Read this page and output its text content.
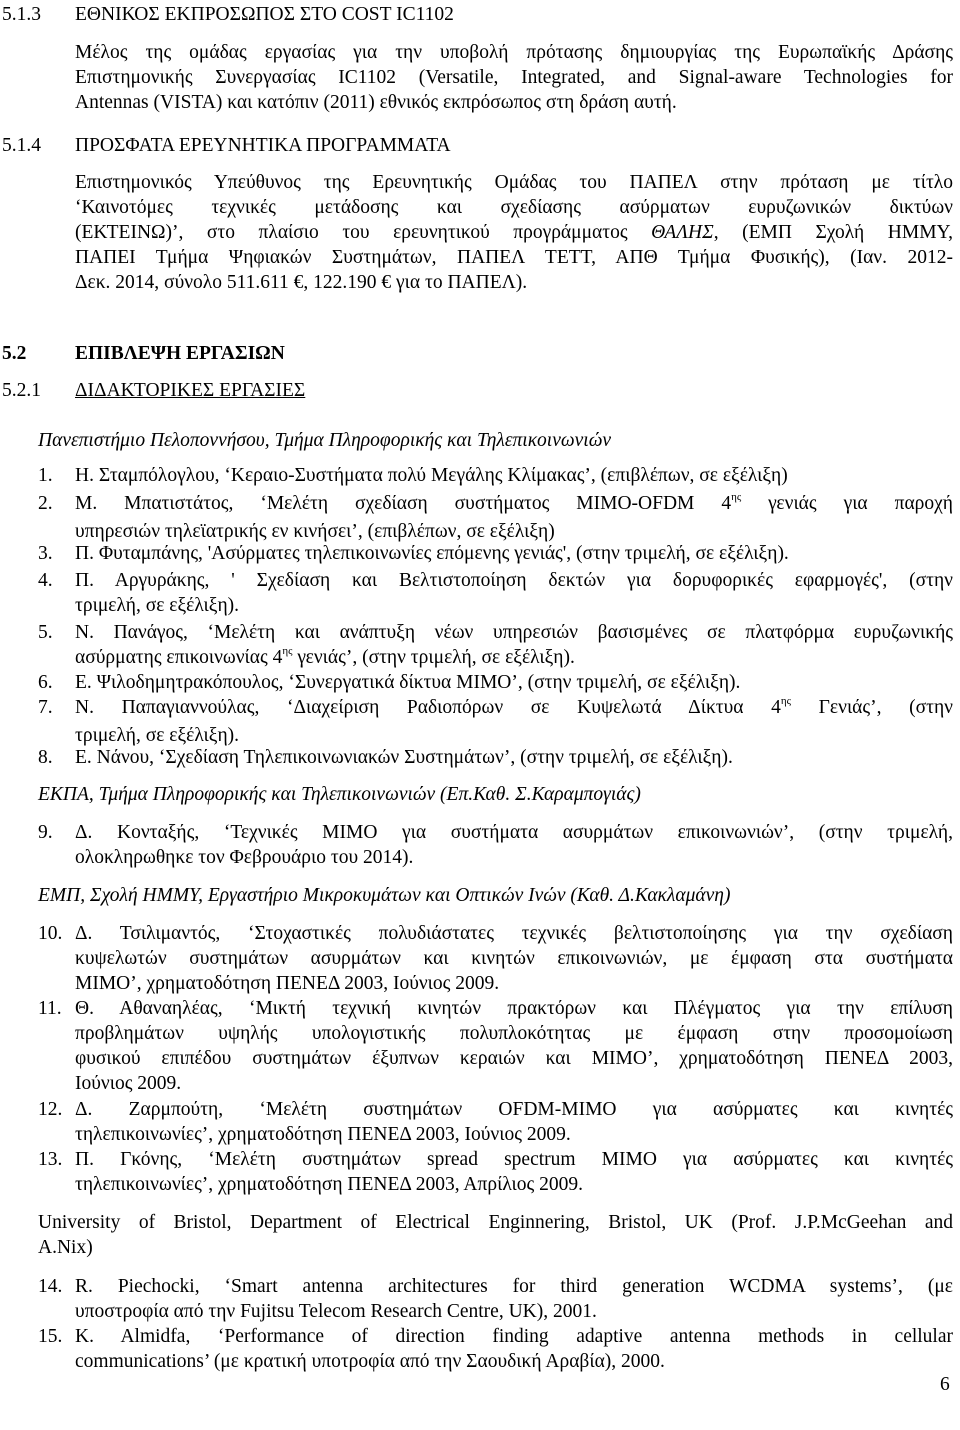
5.1.3 ΕΘΝΙΚΟΣ ΕΚΠΡΟΣΩΠΟΣ ΣΤΟ COST IC1102
Μέλος της ομάδας εργασίας για την υποβολή πρότασης δημιουργίας της Ευρωπαϊκής Δράσης
Επιστημονικής Συνεργασίας IC1102 (Versatile, Integrated, and Signal-aware Technologies for
Antennas (VISTA) και κατόπιν (2011) εθνικός εκπρόσωπος στη δράση αυτή.
5.1.4 ΠΡΟΣΦΑΤΑ ΕΡΕΥΝΗΤΙΚΑ ΠΡΟΓΡΑΜΜΑΤΑ
Επιστημονικός Υπεύθυνος της Ερευνητικής Ομάδας του ΠΑΠΕΛ στην πρόταση με τίτλο
‘Καινοτόμες τεχνικές μετάδοσης και σχεδίασης ασύρματων ευρυζωνικών δικτύων
(ΕΚΤΕΙΝΩ)’, στο πλαίσιο του ερευνητικού προγράμματος ΘΑΛΗΣ, (ΕΜΠ Σχολή ΗΜΜΥ,
ΠΑΠΕΙ Τμήμα Ψηφιακών Συστημάτων, ΠΑΠΕΛ ΤΕΤΤ, ΑΠΘ Τμήμα Φυσικής), (Ιαν. 2012-
Δεκ. 2014, σύνολο 511.611 €, 122.190 € για το ΠΑΠΕΛ).
5.2 ΕΠΙΒΛΕΨΗ ΕΡΓΑΣΙΩΝ
5.2.1 ΔΙΔΑΚΤΟΡΙΚΕΣ ΕΡΓΑΣΙΕΣ
Πανεπιστήμιο Πελοποννήσου, Τμήμα Πληροφορικής και Τηλεπικοινωνιών
1. Η. Σταμπόλογλου, ‘Κεραιο-Συστήματα πολύ Μεγάλης Κλίμακας’, (επιβλέπων, σε εξέλιξη)
2. Μ. Μπατιστάτος, ‘Μελέτη σχεδίαση συστήματος MIMO-OFDM $4^{\eta\varsigma}$ γενιάς για παροχή
υπηρεσιών τηλεϊατρικής εν κινήσει’, (επιβλέπων, σε εξέλιξη)
3. Π. Φυταμπάνης, 'Ασύρματες τηλεπικοινωνίες επόμενης γενιάς', (στην τριμελή, σε εξέλιξη).
4. Π. Αργυράκης, ' Σχεδίαση και Βελτιστοποίηση δεκτών για δορυφορικές εφαρμογές', (στην
τριμελή, σε εξέλιξη).
5. Ν. Πανάγος, ‘Μελέτη και ανάπτυξη νέων υπηρεσιών βασισμένες σε πλατφόρμα ευρυζωνικής
ασύρματης επικοινωνίας $4^{\eta\varsigma}$ γενιάς’, (στην τριμελή, σε εξέλιξη).
6. Ε. Ψιλοδημητρακόπουλος, ‘Συνεργατικά δίκτυα ΜΙΜΟ’, (στην τριμελή, σε εξέλιξη).
7. Ν. Παπαγιαννούλας, ‘Διαχείριση Ραδιοπόρων σε Κυψελωτά Δίκτυα $4^{\eta\varsigma}$ Γενιάς’, (στην
τριμελή, σε εξέλιξη).
8. Ε. Νάνου, ‘Σχεδίαση Τηλεπικοινωνιακών Συστημάτων’, (στην τριμελή, σε εξέλιξη).
ΕΚΠΑ, Τμήμα Πληροφορικής και Τηλεπικοινωνιών (Επ.Καθ. Σ.Καραμπογιάς)
9. Δ. Κονταξής, ‘Τεχνικές MIMO για συστήματα ασυρμάτων επικοινωνιών’, (στην τριμελή,
ολοκληρωθηκε τον Φεβρουάριο του 2014).
ΕΜΠ, Σχολή ΗΜΜΥ, Εργαστήριο Μικροκυμάτων και Οπτικών Ινών (Καθ. Δ.Κακλαμάνη)
10. Δ. Τσιλιμαντός, ‘Στοχαστικές πολυδιάστατες τεχνικές βελτιστοποίησης για την σχεδίαση
κυψελωτών συστημάτων ασυρμάτων και κινητών επικοινωνιών, με έμφαση στα συστήματα
ΜΙΜΟ’, χρηματοδότηση ΠΕΝΕΔ 2003, Ιούνιος 2009.
11. Θ. Αθαναηλέας, ‘Μικτή τεχνική κινητών πρακτόρων και Πλέγματος για την επίλυση
προβλημάτων υψηλής υπολογιστικής πολυπλοκότητας με έμφαση στην προσομοίωση
φυσικού επιπέδου συστημάτων έξυπνων κεραιών και ΜΙΜΟ’, χρηματοδότηση ΠΕΝΕΔ 2003,
Ιούνιος 2009.
12. Δ. Ζαρμπούτη, ‘Μελέτη συστημάτων OFDM-MIMO για ασύρματες και κινητές
τηλεπικοινωνίες’, χρηματοδότηση ΠΕΝΕΔ 2003, Ιούνιος 2009.
13. Π. Γκόνης, ‘Μελέτη συστημάτων spread spectrum MIMO για ασύρματες και κινητές
τηλεπικοινωνίες’, χρηματοδότηση ΠΕΝΕΔ 2003, Απρίλιος 2009.
University of Bristol, Department of Electrical Enginnering, Bristol, UK (Prof. J.P.McGeehan and
A.Nix)
14. R. Piechocki, ‘Smart antenna architectures for third generation WCDMA systems’, (με
υποστροφία από την Fujitsu Telecom Research Centre, UK), 2001.
15. K. Almidfa, ‘Performance of direction finding adaptive antenna methods in cellular
communications’ (με κρατική υποτροφία από την Σαουδική Αραβία), 2000.
6
